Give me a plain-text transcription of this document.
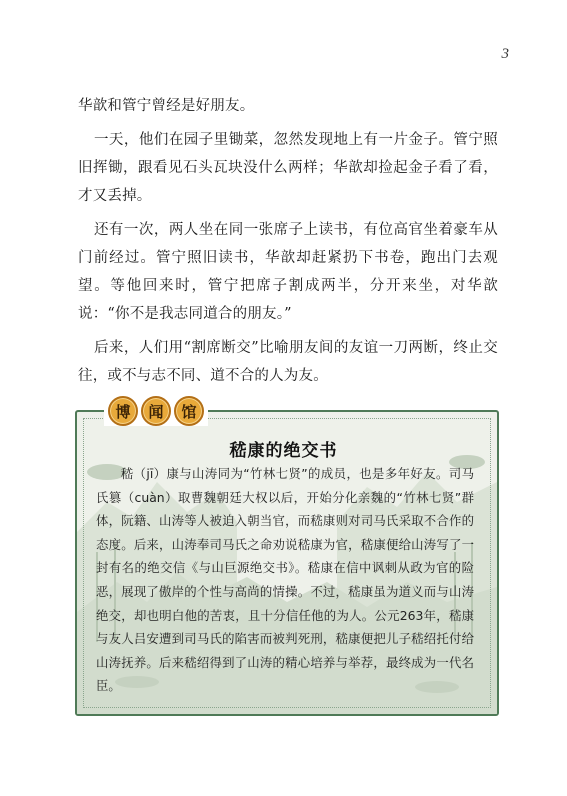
3

华歆和管宁曾经是好朋友。

一天，他们在园子里锄菜，忽然发现地上有一片金子。管宁照旧挥锄，跟看见石头瓦块没什么两样；华歆却捡起金子看了看，才又丢掉。

还有一次，两人坐在同一张席子上读书，有位高官坐着豪车从门前经过。管宁照旧读书，华歆却赶紧扔下书卷，跑出门去观望。等他回来时，管宁把席子割成两半，分开来坐，对华歆说：“你不是我志同道合的朋友。”

后来，人们用“割席断交”比喻朋友间的友谊一刀两断，终止交往，或不与志不同、道不合的人为友。

博	闻	馆
嵇康的绝交书

嵇（jī）康与山涛同为“竹林七贤”的成员，也是多年好友。司马氏篡（cuàn）取曹魏朝廷大权以后，开始分化亲魏的“竹林七贤”群体，阮籍、山涛等人被迫入朝当官，而嵇康则对司马氏采取不合作的态度。后来，山涛奉司马氏之命劝说嵇康为官，嵇康便给山涛写了一封有名的绝交信《与山巨源绝交书》。嵇康在信中讽刺从政为官的险恶，展现了傲岸的个性与高尚的情操。不过，嵇康虽为道义而与山涛绝交，却也明白他的苦衷，且十分信任他的为人。公元263年，嵇康与友人吕安遭到司马氏的陷害而被判死刑，嵇康便把儿子嵇绍托付给山涛抚养。后来嵇绍得到了山涛的精心培养与举荐，最终成为一代名臣。
